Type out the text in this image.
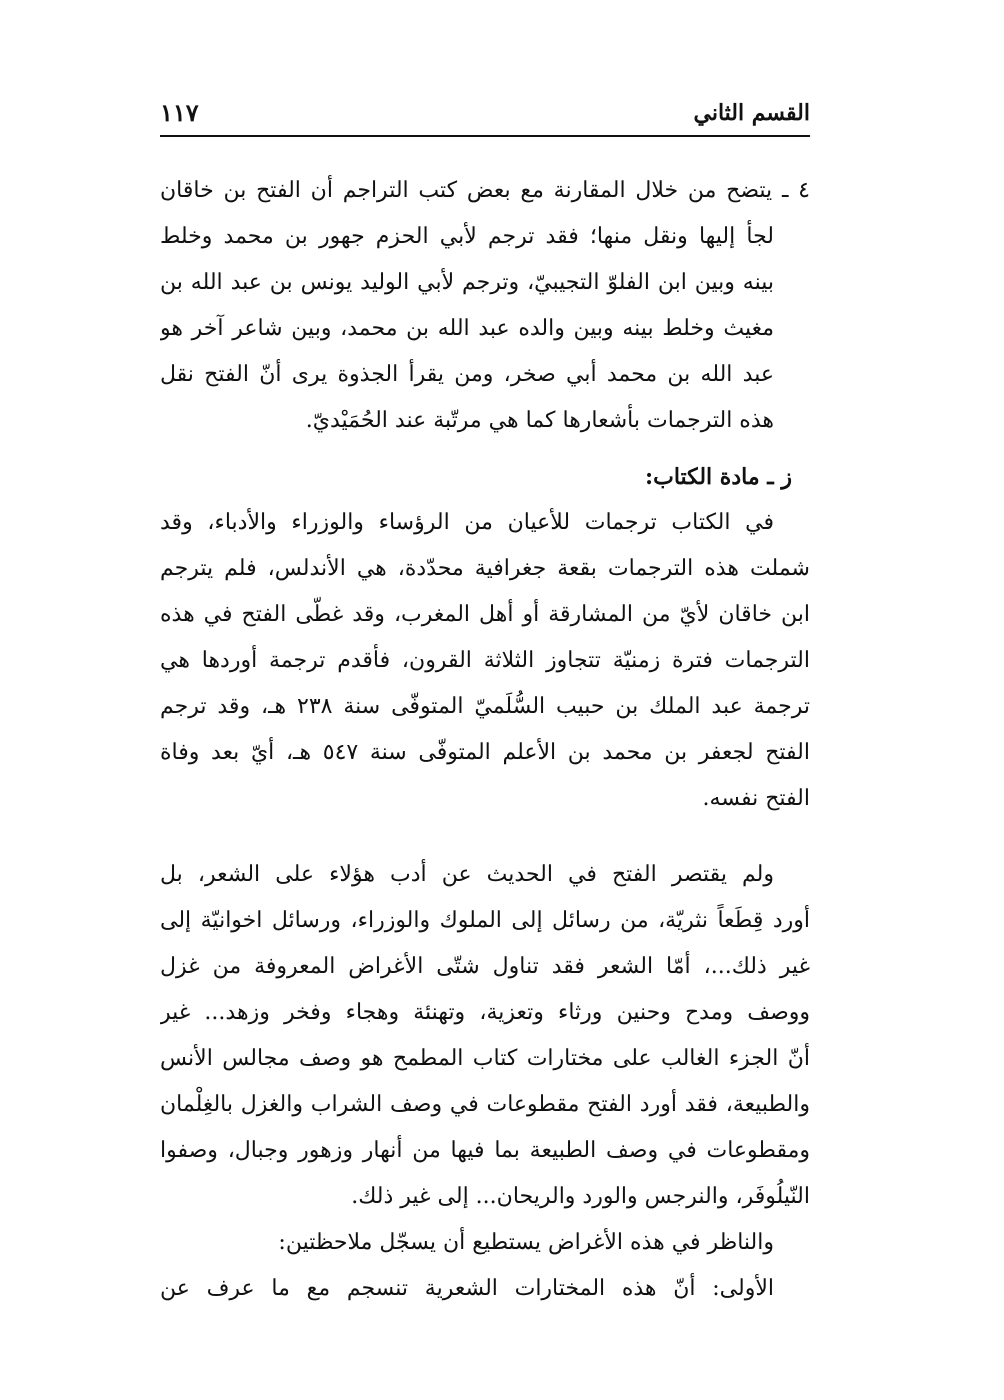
القسم الثاني
١١٧
٤ ـ يتضح من خلال المقارنة مع بعض كتب التراجم أن الفتح بن خاقان
لجأ إليها ونقل منها؛ فقد ترجم لأبي الحزم جهور بن محمد وخلط
بينه وبين ابن الفلوّ التجيبيّ، وترجم لأبي الوليد يونس بن عبد الله بن
مغيث وخلط بينه وبين والده عبد الله بن محمد، وبين شاعر آخر هو
عبد الله بن محمد أبي صخر، ومن يقرأ الجذوة يرى أنّ الفتح نقل
هذه الترجمات بأشعارها كما هي مرتّبة عند الحُمَيْديّ.
ز ـ مادة الكتاب:
في الكتاب ترجمات للأعيان من الرؤساء والوزراء والأدباء، وقد
شملت هذه الترجمات بقعة جغرافية محدّدة، هي الأندلس، فلم يترجم
ابن خاقان لأيّ من المشارقة أو أهل المغرب، وقد غطّى الفتح في هذه
الترجمات فترة زمنيّة تتجاوز الثلاثة القرون، فأقدم ترجمة أوردها هي
ترجمة عبد الملك بن حبيب السُّلَميّ المتوفّى سنة ٢٣٨ هـ، وقد ترجم
الفتح لجعفر بن محمد بن الأعلم المتوفّى سنة ٥٤٧ هـ، أيّ بعد وفاة
الفتح نفسه.
ولم يقتصر الفتح في الحديث عن أدب هؤلاء على الشعر، بل
أورد قِطَعاً نثريّة، من رسائل إلى الملوك والوزراء، ورسائل اخوانيّة إلى
غير ذلك...، أمّا الشعر فقد تناول شتّى الأغراض المعروفة من غزل
ووصف ومدح وحنين ورثاء وتعزية، وتهنئة وهجاء وفخر وزهد... غير
أنّ الجزء الغالب على مختارات كتاب المطمح هو وصف مجالس الأنس
والطبيعة، فقد أورد الفتح مقطوعات في وصف الشراب والغزل بالغِلْمان
ومقطوعات في وصف الطبيعة بما فيها من أنهار وزهور وجبال، وصفوا
النّيلُوفَر، والنرجس والورد والريحان... إلى غير ذلك.
والناظر في هذه الأغراض يستطيع أن يسجّل ملاحظتين:
الأولى: أنّ هذه المختارات الشعرية تنسجم مع ما عرف عن
